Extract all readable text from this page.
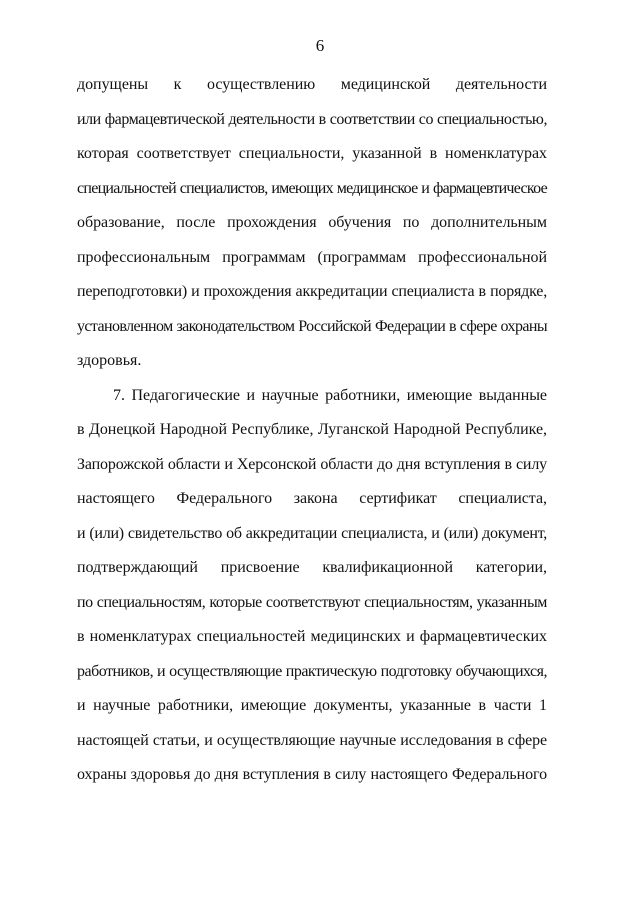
6
допущены к осуществлению медицинской деятельности
или фармацевтической деятельности в соответствии со специальностью,
которая соответствует специальности, указанной в номенклатурах
специальностей специалистов, имеющих медицинское и фармацевтическое
образование, после прохождения обучения по дополнительным
профессиональным программам (программам профессиональной
переподготовки) и прохождения аккредитации специалиста в порядке,
установленном законодательством Российской Федерации в сфере охраны
здоровья.
7. Педагогические и научные работники, имеющие выданные
в Донецкой Народной Республике, Луганской Народной Республике,
Запорожской области и Херсонской области до дня вступления в силу
настоящего Федерального закона сертификат специалиста,
и (или) свидетельство об аккредитации специалиста, и (или) документ,
подтверждающий присвоение квалификационной категории,
по специальностям, которые соответствуют специальностям, указанным
в номенклатурах специальностей медицинских и фармацевтических
работников, и осуществляющие практическую подготовку обучающихся,
и научные работники, имеющие документы, указанные в части 1
настоящей статьи, и осуществляющие научные исследования в сфере
охраны здоровья до дня вступления в силу настоящего Федерального
